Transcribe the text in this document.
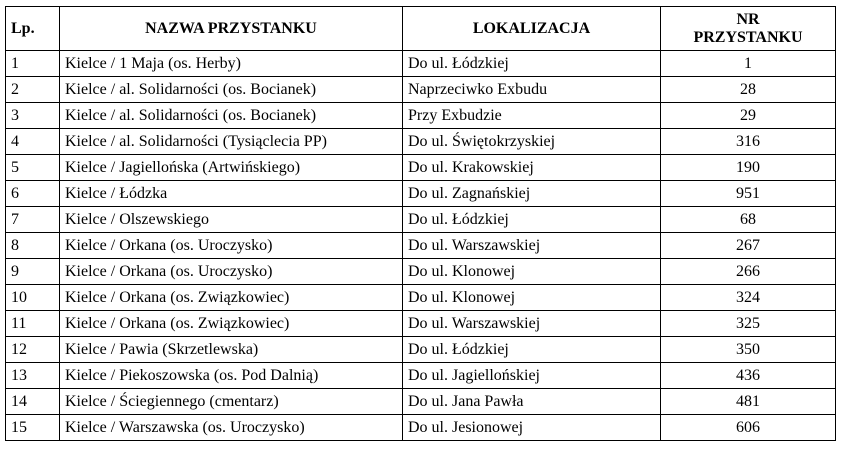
Lp.	NAZWA PRZYSTANKU	LOKALIZACJA	NR
PRZYSTANKU

1	Kielce / 1 Maja (os. Herby)	Do ul. Łódzkiej	1
2	Kielce / al. Solidarności (os. Bocianek)	Naprzeciwko Exbudu	28
3	Kielce / al. Solidarności (os. Bocianek)	Przy Exbudzie	29
4	Kielce / al. Solidarności (Tysiąclecia PP)	Do ul. Świętokrzyskiej	316
5	Kielce / Jagiellońska (Artwińskiego)	Do ul. Krakowskiej	190
6	Kielce / Łódzka	Do ul. Zagnańskiej	951
7	Kielce / Olszewskiego	Do ul. Łódzkiej	68
8	Kielce / Orkana (os. Uroczysko)	Do ul. Warszawskiej	267
9	Kielce / Orkana (os. Uroczysko)	Do ul. Klonowej	266
10	Kielce / Orkana (os. Związkowiec)	Do ul. Klonowej	324
11	Kielce / Orkana (os. Związkowiec)	Do ul. Warszawskiej	325
12	Kielce / Pawia (Skrzetlewska)	Do ul. Łódzkiej	350
13	Kielce / Piekoszowska (os. Pod Dalnią)	Do ul. Jagiellońskiej	436
14	Kielce / Ściegiennego (cmentarz)	Do ul. Jana Pawła	481
15	Kielce / Warszawska (os. Uroczysko)	Do ul. Jesionowej	606
